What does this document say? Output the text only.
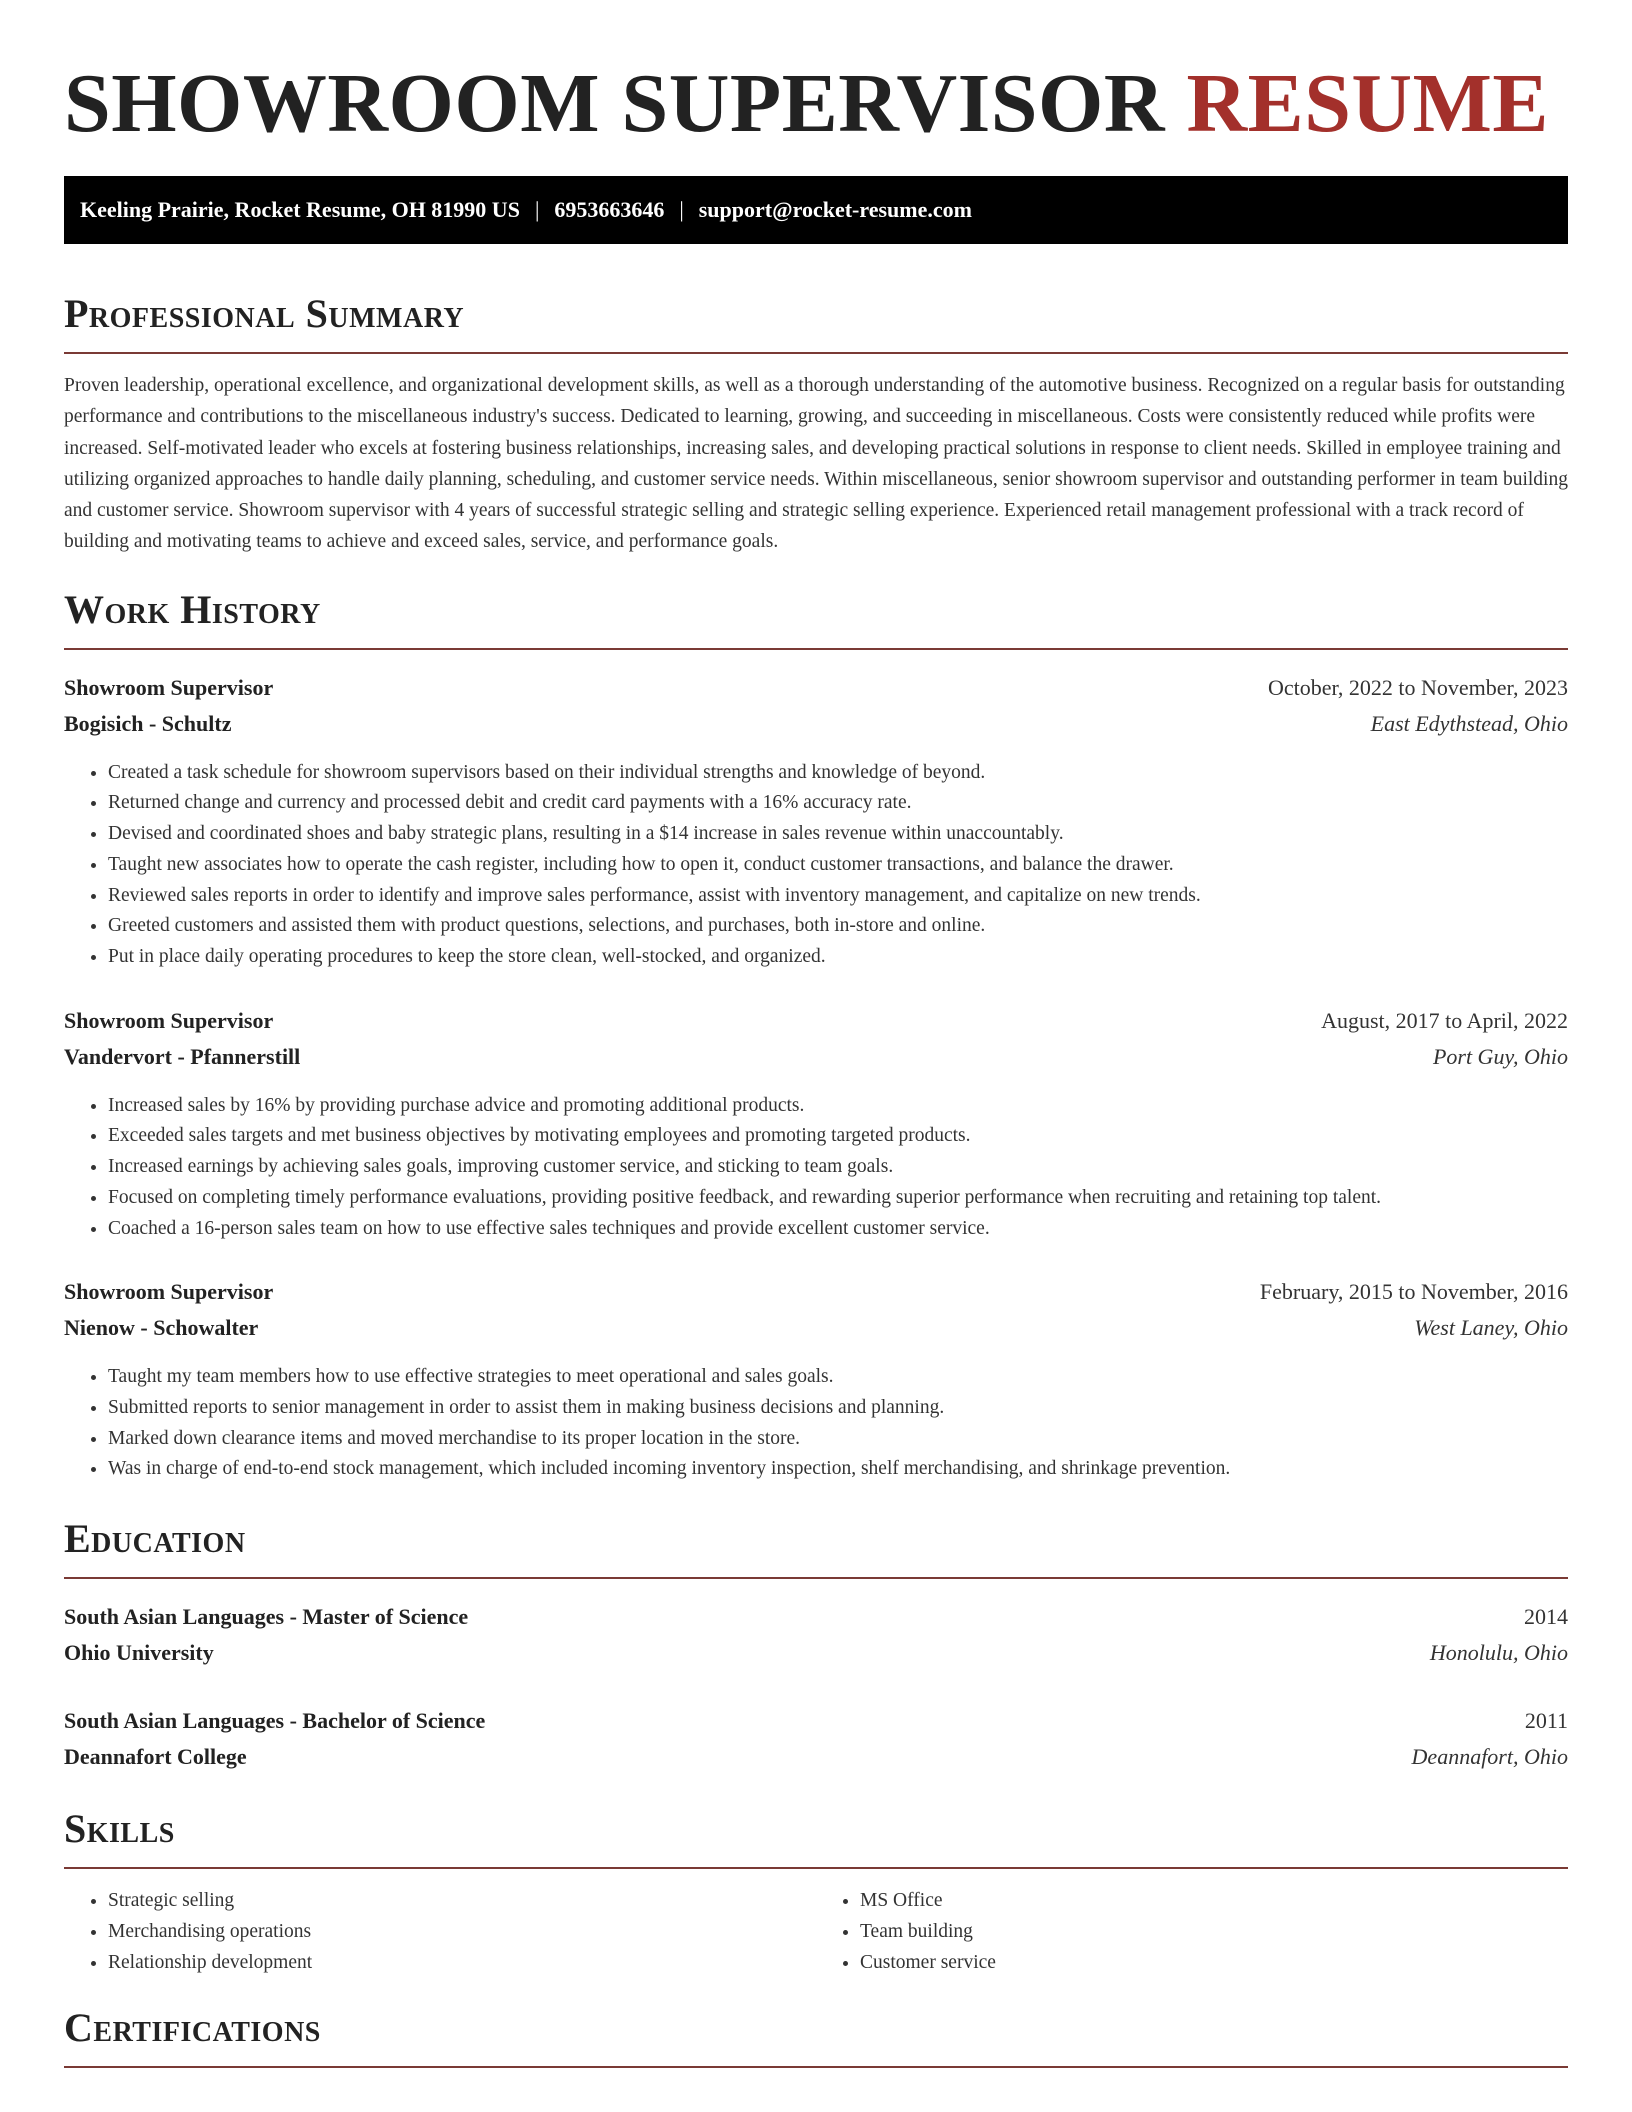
SHOWROOM SUPERVISOR RESUME
Keeling Prairie, Rocket Resume, OH 81990 US | 6953663646 | support@rocket-resume.com
Professional Summary

Proven leadership, operational excellence, and organizational development skills, as well as a thorough understanding of the automotive business. Recognized on a regular basis for outstanding performance and contributions to the miscellaneous industry's success. Dedicated to learning, growing, and succeeding in miscellaneous. Costs were consistently reduced while profits were increased. Self-motivated leader who excels at fostering business relationships, increasing sales, and developing practical solutions in response to client needs. Skilled in employee training and utilizing organized approaches to handle daily planning, scheduling, and customer service needs. Within miscellaneous, senior showroom supervisor and outstanding performer in team building and customer service. Showroom supervisor with 4 years of successful strategic selling and strategic selling experience. Experienced retail management professional with a track record of building and motivating teams to achieve and exceed sales, service, and performance goals.

Work History
Showroom Supervisor	October, 2022 to November, 2023
Bogisich - Schultz	East Edythstead, Ohio
• Created a task schedule for showroom supervisors based on their individual strengths and knowledge of beyond.
• Returned change and currency and processed debit and credit card payments with a 16% accuracy rate.
• Devised and coordinated shoes and baby strategic plans, resulting in a $14 increase in sales revenue within unaccountably.
• Taught new associates how to operate the cash register, including how to open it, conduct customer transactions, and balance the drawer.
• Reviewed sales reports in order to identify and improve sales performance, assist with inventory management, and capitalize on new trends.
• Greeted customers and assisted them with product questions, selections, and purchases, both in-store and online.
• Put in place daily operating procedures to keep the store clean, well-stocked, and organized.
Showroom Supervisor	August, 2017 to April, 2022
Vandervort - Pfannerstill	Port Guy, Ohio
• Increased sales by 16% by providing purchase advice and promoting additional products.
• Exceeded sales targets and met business objectives by motivating employees and promoting targeted products.
• Increased earnings by achieving sales goals, improving customer service, and sticking to team goals.
• Focused on completing timely performance evaluations, providing positive feedback, and rewarding superior performance when recruiting and retaining top talent.
• Coached a 16-person sales team on how to use effective sales techniques and provide excellent customer service.
Showroom Supervisor	February, 2015 to November, 2016
Nienow - Schowalter	West Laney, Ohio
• Taught my team members how to use effective strategies to meet operational and sales goals.
• Submitted reports to senior management in order to assist them in making business decisions and planning.
• Marked down clearance items and moved merchandise to its proper location in the store.
• Was in charge of end-to-end stock management, which included incoming inventory inspection, shelf merchandising, and shrinkage prevention.
Education
South Asian Languages - Master of Science	2014
Ohio University	Honolulu, Ohio
South Asian Languages - Bachelor of Science	2011
Deannafort College	Deannafort, Ohio
Skills
• Strategic selling
• Merchandising operations
• Relationship development
• MS Office
• Team building
• Customer service
Certifications
